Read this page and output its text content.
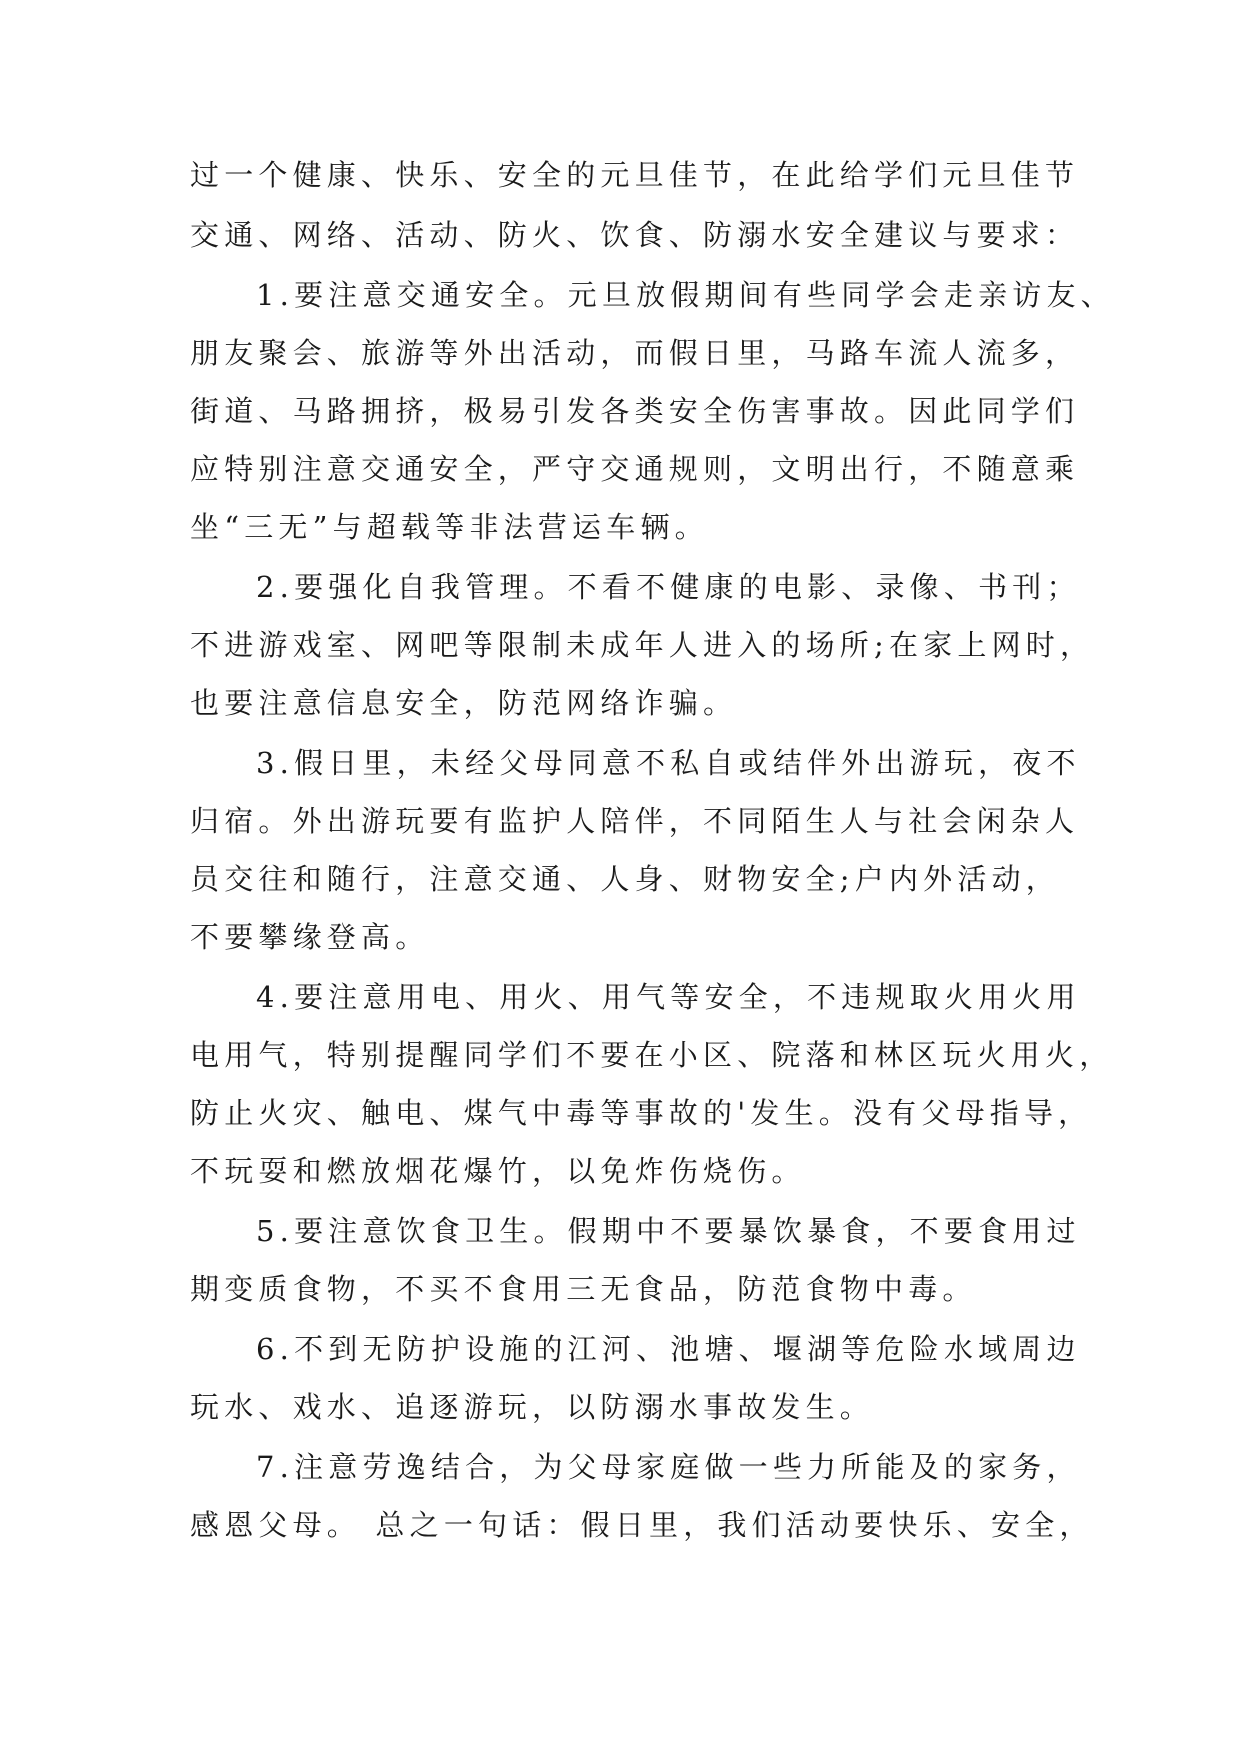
过一个健康、快乐、安全的元旦佳节，在此给学们元旦佳节
交通、网络、活动、防火、饮食、防溺水安全建议与要求：
1.要注意交通安全。元旦放假期间有些同学会走亲访友、
朋友聚会、旅游等外出活动，而假日里，马路车流人流多，
街道、马路拥挤，极易引发各类安全伤害事故。因此同学们
应特别注意交通安全，严守交通规则，文明出行，不随意乘
坐“三无”与超载等非法营运车辆。
2.要强化自我管理。不看不健康的电影、录像、书刊；
不进游戏室、网吧等限制未成年人进入的场所;在家上网时，
也要注意信息安全，防范网络诈骗。
3.假日里，未经父母同意不私自或结伴外出游玩，夜不
归宿。外出游玩要有监护人陪伴，不同陌生人与社会闲杂人
员交往和随行，注意交通、人身、财物安全;户内外活动，
不要攀缘登高。
4.要注意用电、用火、用气等安全，不违规取火用火用
电用气，特别提醒同学们不要在小区、院落和林区玩火用火，
防止火灾、触电、煤气中毒等事故的'发生。没有父母指导，
不玩耍和燃放烟花爆竹，以免炸伤烧伤。
5.要注意饮食卫生。假期中不要暴饮暴食，不要食用过
期变质食物，不买不食用三无食品，防范食物中毒。
6.不到无防护设施的江河、池塘、堰湖等危险水域周边
玩水、戏水、追逐游玩，以防溺水事故发生。
7.注意劳逸结合，为父母家庭做一些力所能及的家务，
感恩父母。 总之一句话：假日里，我们活动要快乐、安全，
